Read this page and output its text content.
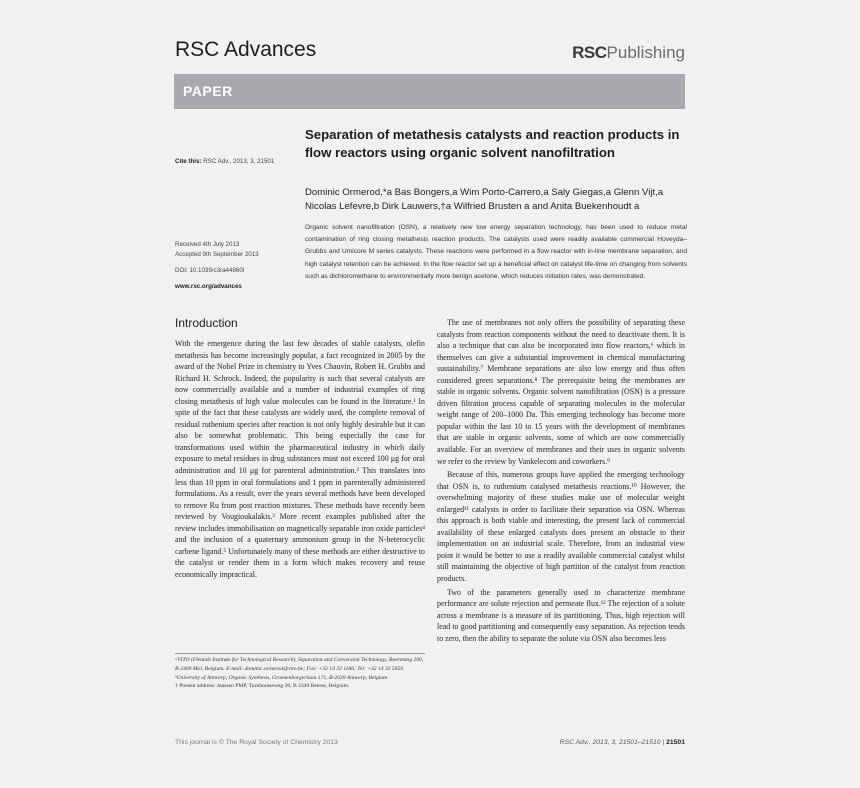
RSC Advances	RSCPublishing
PAPER
Cite this: RSC Adv., 2013, 3, 21501
Received 4th July 2013
Accepted 9th September 2013
DOI: 10.1039/c3ra44860l
www.rsc.org/advances
Separation of metathesis catalysts and reaction products in flow reactors using organic solvent nanofiltration
Dominic Ormerod,*a Bas Bongers,a Wim Porto-Carrero,a Saly Giegas,a Glenn Vijt,a
Nicolas Lefevre,b Dirk Lauwers,†a Wilfried Brusten a and Anita Buekenhoudt a
Organic solvent nanofiltration (OSN), a relatively new low energy separation technology, has been used to reduce metal contamination of ring closing metathesis reaction products. The catalysts used were readily available commercial Hoveyda–Grubbs and Umicore M series catalysts. These reactions were performed in a flow reactor with in-line membrane separation, and high catalyst retention can be achieved. In the flow reactor set up a beneficial effect on catalyst life-time on changing from solvents such as dichloromethane to environmentally more benign acetone, which reduces initiation rates, was demonstrated.
Introduction

With the emergence during the last few decades of stable catalysts, olefin metathesis has become increasingly popular, a fact recognized in 2005 by the award of the Nobel Prize in chemistry to Yves Chauvin, Robert H. Grubbs and Richard H. Schrock. Indeed, the popularity is such that several catalysts are now commercially available and a number of industrial examples of ring closing metathesis of high value molecules can be found in the literature.¹ In spite of the fact that these catalysts are widely used, the complete removal of residual ruthenium species after reaction is not only highly desirable but it can also be somewhat problematic. This being especially the case for transformations used within the pharmaceutical industry in which daily exposure to metal residues in drug substances must not exceed 100 μg for oral administration and 10 μg for parenteral administration.² This translates into less than 10 ppm in oral formulations and 1 ppm in parenterally administered formulations. As a result, over the years several methods have been developed to remove Ru from post reaction mixtures. These methods have recently been reviewed by Vougioukalakis.³ More recent examples published after the review includes immobilisation on magnetically separable iron oxide particles⁴ and the inclusion of a quaternary ammonium group in the N-heterocyclic carbene ligand.⁵ Unfortunately many of these methods are either destructive to the catalyst or render them in a form which makes recovery and reuse economically impractical.

The use of membranes not only offers the possibility of separating these catalysts from reaction components without the need to deactivate them. It is also a technique that can also be incorporated into flow reactors,⁶ which in themselves can give a substantial improvement in chemical manufacturing sustainability.⁷ Membrane separations are also low energy and thus often considered green separations.⁸ The prerequisite being the membranes are stable in organic solvents. Organic solvent nanofiltration (OSN) is a pressure driven filtration process capable of separating molecules in the molecular weight range of 200–1000 Da. This emerging technology has become more popular within the last 10 to 15 years with the development of membranes that are stable in organic solvents, some of which are now commercially available. For an overview of membranes and their uses in organic solvents we refer to the review by Vankelecom and coworkers.⁹

Because of this, numerous groups have applied the emerging technology that OSN is, to ruthenium catalysed metathesis reactions.¹⁰ However, the overwhelming majority of these studies make use of molecular weight enlarged¹¹ catalysts in order to facilitate their separation via OSN. Whereas this approach is both viable and interesting, the present lack of commercial availability of these enlarged catalysts does present an obstacle to their implementation on an industrial scale. Therefore, from an industrial view point it would be better to use a readily available commercial catalyst whilst still maintaining the objective of high partition of the catalyst from reaction products.

Two of the parameters generally used to characterize membrane performance are solute rejection and permeate flux.¹² The rejection of a solute across a membrane is a measure of its partitioning. Thus, high rejection will lead to good partitioning and consequently easy separation. As rejection tends to zero, then the ability to separate the solute via OSN also becomes less

ᵃVITO (Flemish Institute for Technological Research), Separation and Conversion Technology, Boeretang 200, B-2400 Mol, Belgium. E-mail: dominic.ormerod@vito.be; Fax: +32 14 32 1186; Tel: +32 14 33 5650

ᵇUniversity of Antwerp, Organic Synthesis, Groenenborgerlaan 171, B-2020 Antwerp, Belgium

† Present address: Janssen PMP, Turnhoutseweg 30, B 2340 Beerse, Belgium.

This journal is © The Royal Society of Chemistry 2013	RSC Adv., 2013, 3, 21501–21510 | 21501
